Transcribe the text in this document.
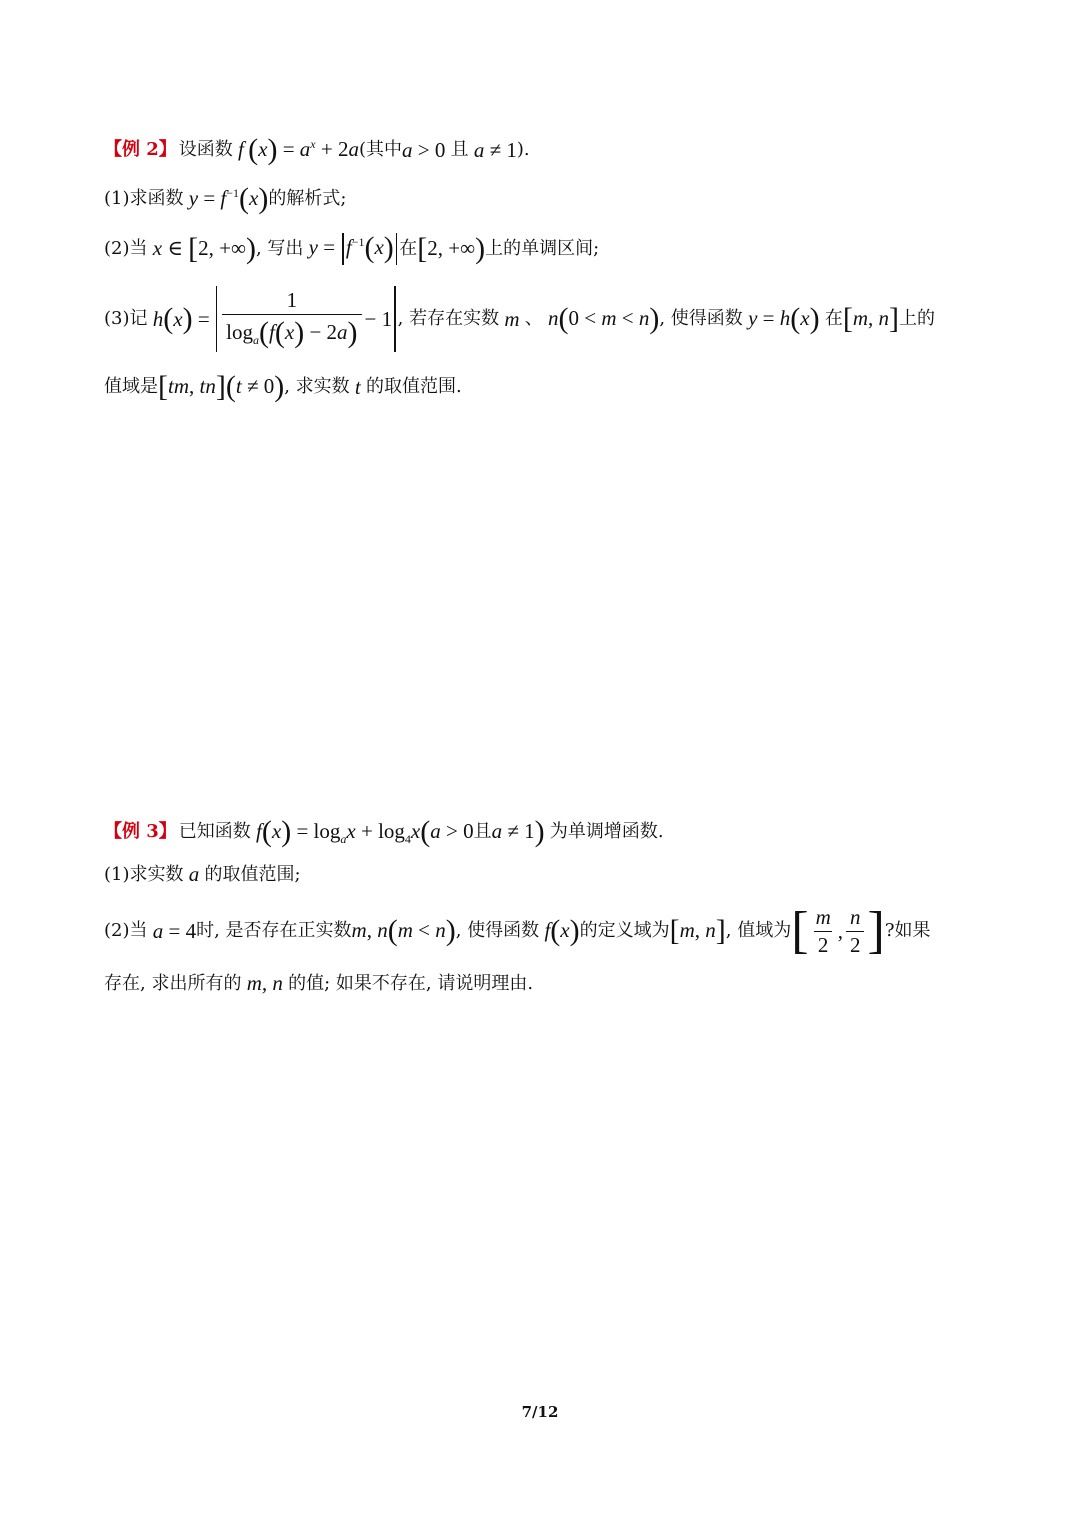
【例 2】 设函数 f  $(x) = a^x + 2a$ (其中 a > 0 且 a ≠ 1 ).
(1)求函数 $y = f^{-1}(x)$ 的解析式;
(2)当 x ∈ [2, +∞) , 写出 $y = f^{-1}(x)$ 在 [2, +∞) 上的单调区间;
(3)记
h ( x ) = $\frac{1}{\log_a(f(x) - 2a)} - 1$ , 若存在实数 m 、 n(0 < m < n) , 使得函数 y = h(x) 在 [m, n] 上的
值域是 [tm, tn](t ≠ 0) , 求实数 t 的取值范围.
【例 3】 已知函数 $f(x) = \log_ax + \log_4x(a > 0$ 且 a ≠ 1) 为单调增函数.
(1)求实数 a 的取值范围;
(2)当 a = 4 时, 是否存在正实数 m, n(m < n) , 使得函数 f(x) 的定义域为 [m, n] , 值域为 [ $\frac{m}{2}$ , $\frac{n}{2}$ ] ?如果
存在, 求出所有的 m, n 的值; 如果不存在, 请说明理由.
7/12
